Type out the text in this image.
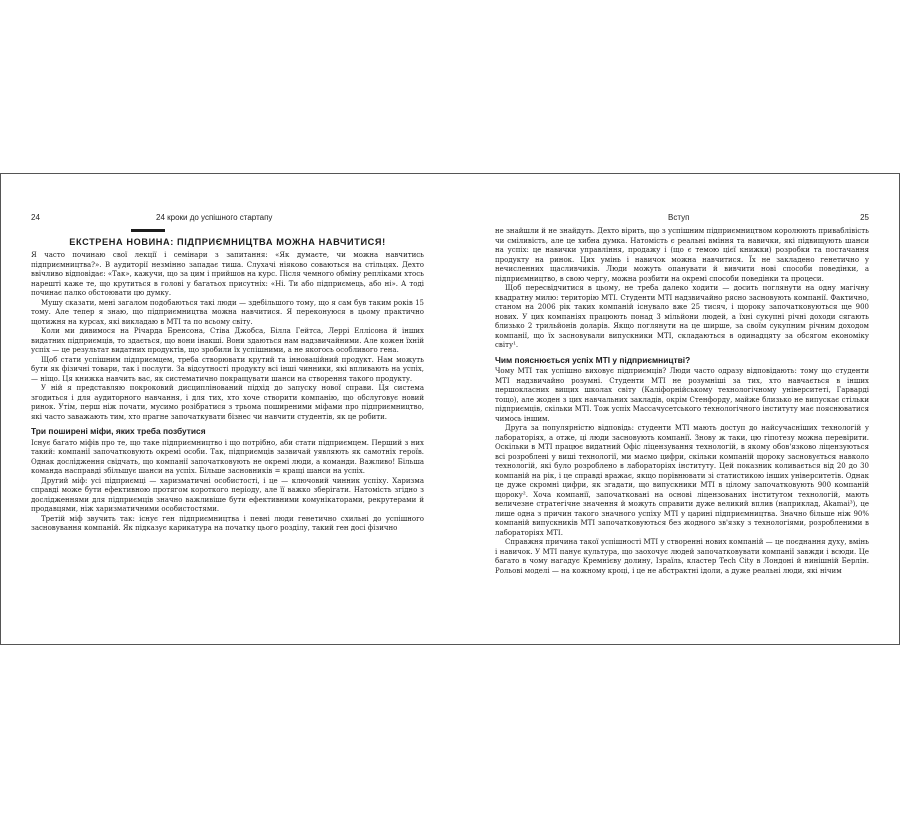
24	24 кроки до успішного стартапу
ЕКСТРЕНА НОВИНА: ПІДПРИЄМНИЦТВА МОЖНА НАВЧИТИСЯ!

Я часто починаю свої лекції і семінари з запитання: «Як думаєте, чи можна навчитись підприємництва?». В аудиторії незмінно западає тиша. Слухачі ніяково соваються на стільцях. Дехто ввічливо відповідає: «Так», кажучи, що за цим і прийшов на курс. Після чемного обміну репліками хтось нарешті каже те, що крутиться в голові у багатьох присутніх: «Ні. Ти або підприємець, або ні». А тоді починає палко обстоювати цю думку.

Мушу сказати, мені загалом подобаються такі люди — здебільшого тому, що я сам був таким років 15 тому. Але тепер я знаю, що підприємництва можна навчитися. Я переконуюся в цьому практично щотижня на курсах, які викладаю в МТІ та по всьому світу.

Коли ми дивимося на Річарда Бренсона, Стіва Джобса, Білла Гейтса, Леррі Еллісона й інших видатних підприємців, то здається, що вони інакші. Вони здаються нам надзвичайними. Але кожен їхній успіх — це результат видатних продуктів, що зробили їх успішними, а не якогось особливого гена.

Щоб стати успішним підприємцем, треба створювати крутий та інноваційний продукт. Нам можуть бути як фізичні товари, так і послуги. За відсутності продукту всі інші чинники, які впливають на успіх, — ніщо. Ця книжка навчить вас, як систематично покращувати шанси на створення такого продукту.

У ній я представляю покроковий дисциплінований підхід до запуску нової справи. Ця система згодиться і для аудиторного навчання, і для тих, хто хоче створити компанію, що обслуговує новий ринок. Утім, перш ніж почати, мусимо розібратися з трьома поширеними міфами про підприємництво, які часто заважають тим, хто прагне започаткувати бізнес чи навчити студентів, як це робити.

Три поширені міфи, яких треба позбутися

Існує багато міфів про те, що таке підприємництво і що потрібно, аби стати підприємцем. Перший з них такий: компанії започатковують окремі особи. Так, підприємців зазвичай уявляють як самотніх героїв. Однак дослідження свідчать, що компанії започатковують не окремі люди, а команди. Важливо! Більша команда насправді збільшує шанси на успіх. Більше засновників = кращі шанси на успіх.

Другий міф: усі підприємці — харизматичні особистості, і це — ключовий чинник успіху. Харизма справді може бути ефективною протягом короткого періоду, але її важко зберігати. Натомість згідно з дослідженнями для підприємців значно важливіше бути ефективними комунікаторами, рекрутерами й продавцями, ніж харизматичними особистостями.

Третій міф звучить так: існує ген підприємництва і певні люди генетично схильні до успішного засновування компаній. Як підказує карикатура на початку цього розділу, такий ген досі фізично

Вступ	25

не знайшли й не знайдуть. Дехто вірить, що з успішним підприємництвом королюють приваблівість чи сміливість, але це хибна думка. Натомість є реальні вміння та навички, які підвищують шанси на успіх: це навички управління, продажу і (що є темою цієї книжки) розробки та постачання продукту на ринок. Цих умінь і навичок можна навчитися. Їх не закладено генетично у нечисленних щасливчиків. Люди можуть опанувати й вивчити нові способи поведінки, а підприємництво, в свою чергу, можна розбити на окремі способи поведінки та процеси.

Щоб пересвідчитися в цьому, не треба далеко ходити — досить поглянути на одну магічну квадратну милю: територію МТІ. Студенти МТІ надзвичайно рясно засновують компанії. Фактично, станом на 2006 рік таких компаній існувало вже 25 тисяч, і щороку започатковуються ще 900 нових. У цих компаніях працюють понад 3 мільйони людей, а їхні сукупні річні доходи сягають близько 2 трильйонів доларів. Якщо поглянути на це ширше, за своїм сукупним річним доходом компанії, що їх засновували випускники МТІ, складаються в одинадцяту за обсягом економіку світу¹.

Чим пояснюється успіх МТІ у підприємництві?

Чому МТІ так успішно виховує підприємців? Люди часто одразу відповідають: тому що студенти МТІ надзвичайно розумні. Студенти МТІ не розумніші за тих, хто навчається в інших першокласних вищих школах світу (Каліфорнійському технологічному університеті, Гарварді тощо), але жоден з цих навчальних закладів, окрім Стенфорду, майже близько не випускає стільки підприємців, скільки МТІ. Тож успіх Массачусетського технологічного інституту має пояснюватися чимось іншим.

Друга за популярністю відповідь: студенти МТІ мають доступ до найсучасніших технологій у лабораторіях, а отже, ці люди засновують компанії. Знову ж таки, цю гіпотезу можна перевірити. Оскільки в МТІ працює видатний Офіс ліцензування технологій, в якому обов'язково ліцензуються всі розроблені у виші технології, ми маємо цифри, скільки компаній щороку засновується навколо технологій, які було розроблено в лабораторіях інституту. Цей показник коливається від 20 до 30 компаній на рік, і це справді вражає, якщо порівнювати зі статистикою інших університетів. Однак це дуже скромні цифри, як згадати, що випускники МТІ в цілому започатковують 900 компаній щороку². Хоча компанії, започатковані на основі ліцензованих інститутом технологій, мають величезне стратегічне значення й можуть справити дуже великий вплив (наприклад, Akamai³), це лише одна з причин такого значного успіху МТІ у царині підприємництва. Значно більше ніж 90% компаній випускників МТІ започатковуються без жодного зв'язку з технологіями, розробленими в лабораторіях МТІ.

Справжня причина такої успішності МТІ у створенні нових компаній — це поєднання духу, вмінь і навичок. У МТІ панує культура, що заохочує людей започатковувати компанії завжди і всюди. Це багато в чому нагадує Кремнієву долину, Ізраїль, кластер Tech City в Лондоні й нинішній Берлін. Рольові моделі — на кожному кроці, і це не абстрактні ідоли, а дуже реальні люди, які нічим
